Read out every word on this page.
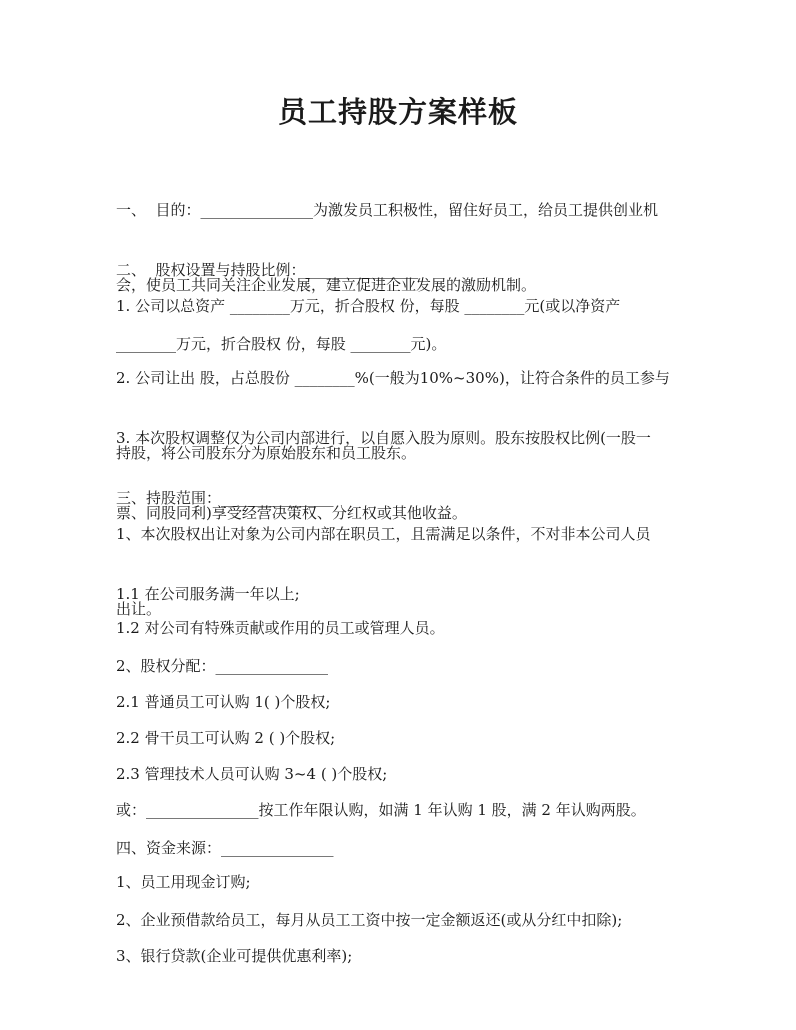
员工持股方案样板

一、  目的：_______________为激发员工积极性，留住好员工，给员工提供创业机

会，使员工共同关注企业发展，建立促进企业发展的激励机制。

二、  股权设置与持股比例：_______________

1. 公司以总资产 ________万元，折合股权 份，每股 ________元(或以净资产

________万元，折合股权 份，每股 ________元)。

2. 公司让出 股，占总股份 ________%(一般为10%~30%)，让符合条件的员工参与

持股，将公司股东分为原始股东和员工股东。

3. 本次股权调整仅为公司内部进行，以自愿入股为原则。股东按股权比例(一股一

票、同股同利)享受经营决策权、分红权或其他收益。

三、持股范围：_______________

1、本次股权出让对象为公司内部在职员工，且需满足以条件，不对非本公司人员

出让。

1.1 在公司服务满一年以上;

1.2 对公司有特殊贡献或作用的员工或管理人员。

2、股权分配：_______________

2.1 普通员工可认购 1( )个股权;

2.2 骨干员工可认购 2 ( )个股权;

2.3 管理技术人员可认购 3~4 ( )个股权;

或：_______________按工作年限认购，如满 1 年认购 1 股，满 2 年认购两股。

四、资金来源：_______________

1、员工用现金订购;

2、企业预借款给员工，每月从员工工资中按一定金额返还(或从分红中扣除);

3、银行贷款(企业可提供优惠利率);
